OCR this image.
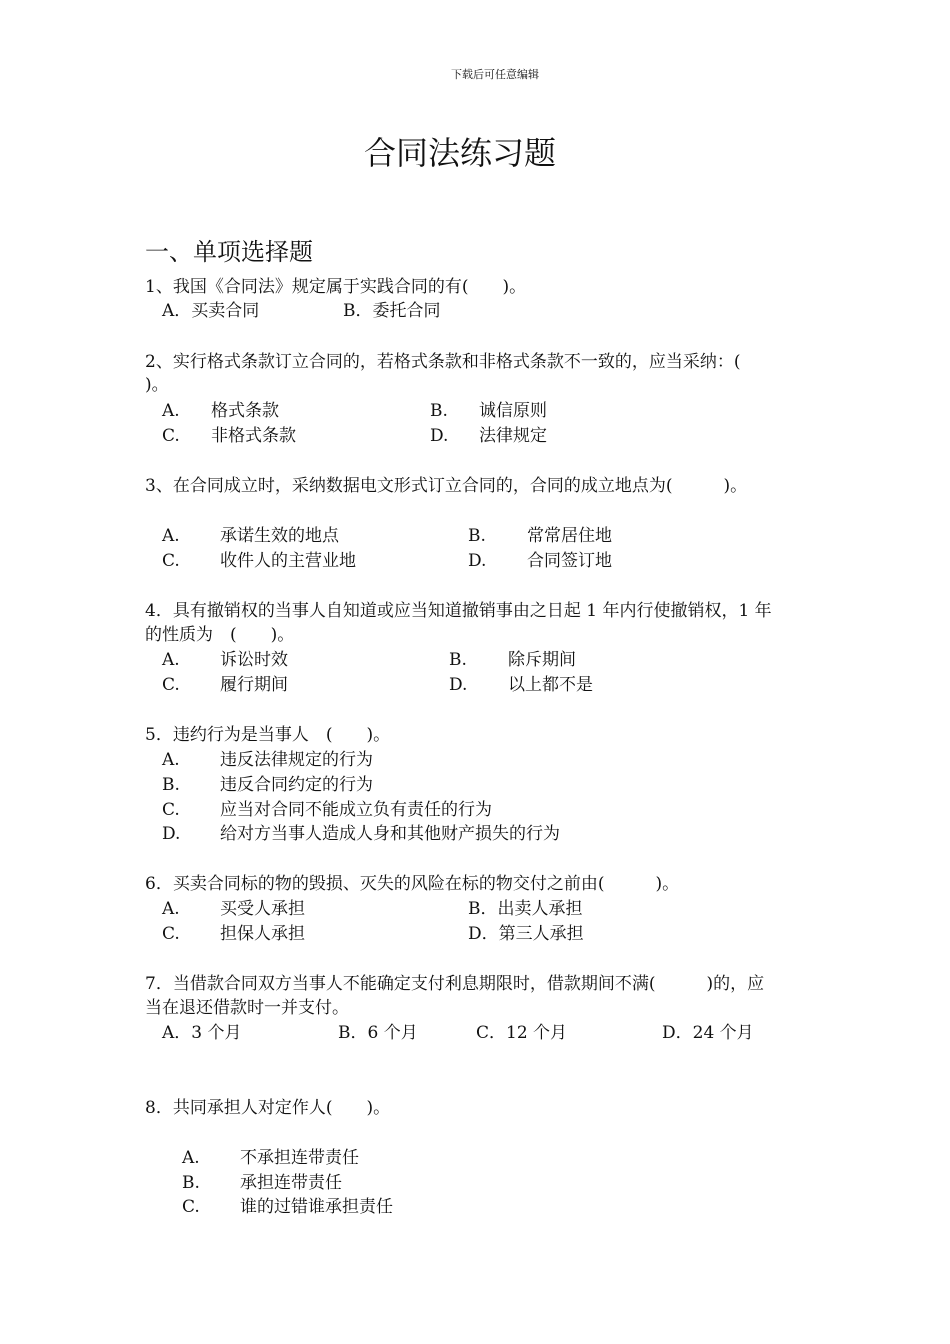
下载后可任意编辑
合同法练习题
一、单项选择题
1、我国《合同法》规定属于实践合同的有(　　)。
A．买卖合同	B．委托合同
2、实行格式条款订立合同的，若格式条款和非格式条款不一致的，应当采纳：(
)。
A. 格式条款	B. 诚信原则
C. 非格式条款	D. 法律规定
3、在合同成立时，采纳数据电文形式订立合同的，合同的成立地点为(　　　)。
A. 承诺生效的地点	B. 常常居住地
C. 收件人的主营业地	D. 合同签订地
4．具有撤销权的当事人自知道或应当知道撤销事由之日起 1 年内行使撤销权，1 年
的性质为　(　　)。
A. 诉讼时效	B. 除斥期间
C. 履行期间	D. 以上都不是
5．违约行为是当事人　(　　)。
A. 违反法律规定的行为
B. 违反合同约定的行为
C. 应当对合同不能成立负有责任的行为
D. 给对方当事人造成人身和其他财产损失的行为
6．买卖合同标的物的毁损、灭失的风险在标的物交付之前由(　　　)。
A. 买受人承担	B．出卖人承担
C. 担保人承担	D．第三人承担
7．当借款合同双方当事人不能确定支付利息期限时，借款期间不满(　　　)的，应
当在退还借款时一并支付。
A．3 个月	B．6 个月	C．12 个月	D．24 个月
8．共同承担人对定作人(　　)。
A. 不承担连带责任
B. 承担连带责任
C. 谁的过错谁承担责任
